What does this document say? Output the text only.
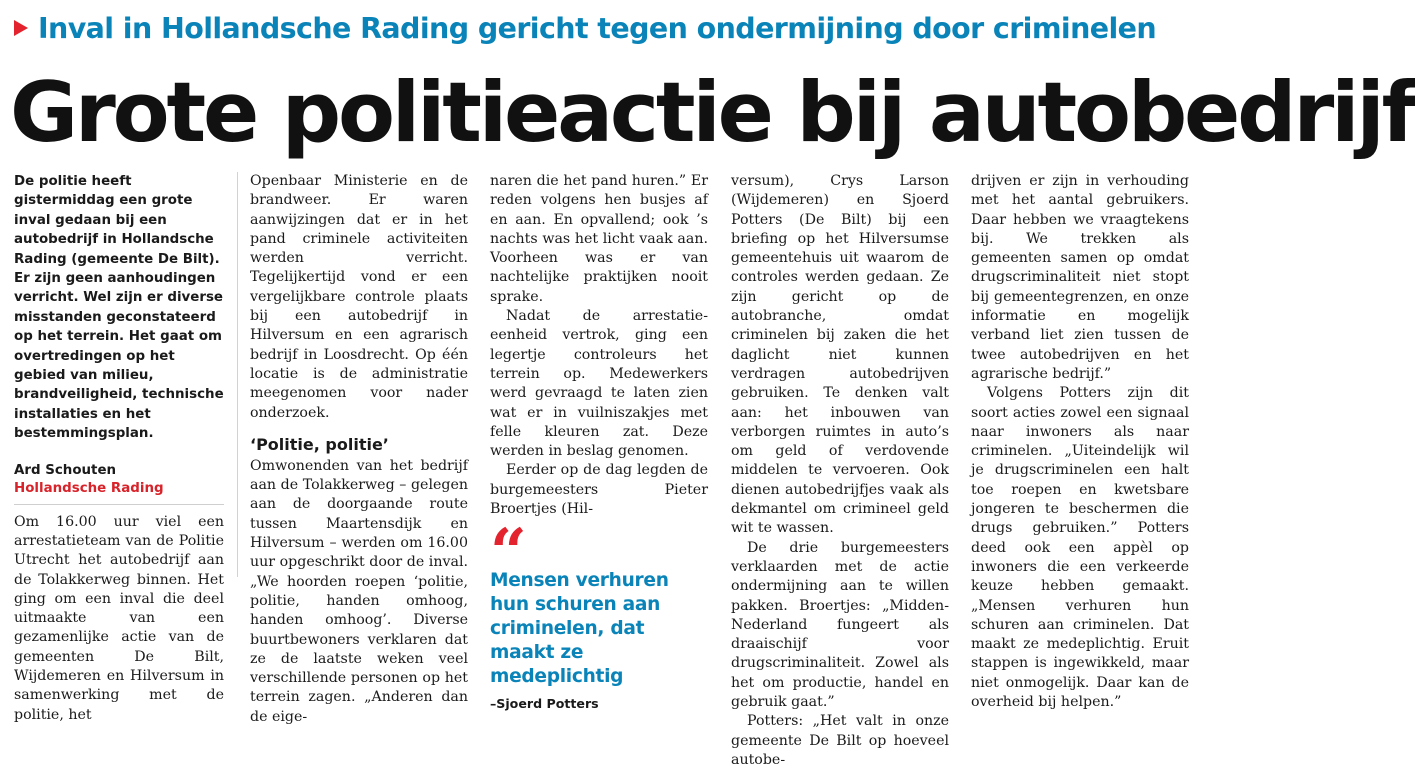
Inval in Hollandsche Rading gericht tegen ondermijning door criminelen
Grote politieactie bij autobedrijf

De politie heeft gistermiddag een grote inval gedaan bij een autobedrijf in Hollandsche Rading (gemeente De Bilt). Er zijn geen aanhoudingen verricht. Wel zijn er diverse misstanden geconstateerd op het terrein. Het gaat om overtredingen op het gebied van milieu, brandveiligheid, technische installaties en het bestemmingsplan.

Ard Schouten
Hollandsche Rading

Om 16.00 uur viel een arrestatieteam van de Politie Utrecht het autobedrijf aan de Tolakkerweg binnen. Het ging om een inval die deel uitmaakte van een gezamenlijke actie van de gemeenten De Bilt, Wijdemeren en Hilversum in samenwerking met de politie, het

Openbaar Ministerie en de brandweer. Er waren aanwijzingen dat er in het pand criminele activiteiten werden verricht. Tegelijkertijd vond er een vergelijkbare controle plaats bij een autobedrijf in Hilversum en een agrarisch bedrijf in Loosdrecht. Op één locatie is de administratie meegenomen voor nader onderzoek.

‘Politie, politie’

Omwonenden van het bedrijf aan de Tolakkerweg – gelegen aan de doorgaande route tussen Maartensdijk en Hilversum – werden om 16.00 uur opgeschrikt door de inval. „We hoorden roepen ‘politie, politie, handen omhoog, handen omhoog’. Diverse buurtbewoners verklaren dat ze de laatste weken veel verschillende personen op het terrein zagen. „Anderen dan de eige-

naren die het pand huren.” Er reden volgens hen busjes af en aan. En opvallend; ook ’s nachts was het licht vaak aan. Voorheen was er van nachtelijke praktijken nooit sprake.

Nadat de arrestatie-eenheid vertrok, ging een legertje controleurs het terrein op. Medewerkers werd gevraagd te laten zien wat er in vuilniszakjes met felle kleuren zat. Deze werden in beslag genomen.

Eerder op de dag legden de burgemeesters Pieter Broertjes (Hil-

“
Mensen verhuren hun schuren aan criminelen, dat maakt ze medeplichtig
–Sjoerd Potters

versum), Crys Larson (Wijdemeren) en Sjoerd Potters (De Bilt) bij een briefing op het Hilversumse gemeentehuis uit waarom de controles werden gedaan. Ze zijn gericht op de autobranche, omdat criminelen bij zaken die het daglicht niet kunnen verdragen autobedrijven gebruiken. Te denken valt aan: het inbouwen van verborgen ruimtes in auto’s om geld of verdovende middelen te vervoeren. Ook dienen autobedrijfjes vaak als dekmantel om crimineel geld wit te wassen.

De drie burgemeesters verklaarden met de actie ondermijning aan te willen pakken. Broertjes: „Midden-Nederland fungeert als draaischijf voor drugscriminaliteit. Zowel als het om productie, handel en gebruik gaat.”

Potters: „Het valt in onze gemeente De Bilt op hoeveel autobe-

drijven er zijn in verhouding met het aantal gebruikers. Daar hebben we vraagtekens bij. We trekken als gemeenten samen op omdat drugscriminaliteit niet stopt bij gemeentegrenzen, en onze informatie en mogelijk verband liet zien tussen de twee autobedrijven en het agrarische bedrijf.”

Volgens Potters zijn dit soort acties zowel een signaal naar inwoners als naar criminelen. „Uiteindelijk wil je drugscriminelen een halt toe roepen en kwetsbare jongeren te beschermen die drugs gebruiken.” Potters deed ook een appèl op inwoners die een verkeerde keuze hebben gemaakt. „Mensen verhuren hun schuren aan criminelen. Dat maakt ze medeplichtig. Eruit stappen is ingewikkeld, maar niet onmogelijk. Daar kan de overheid bij helpen.”
